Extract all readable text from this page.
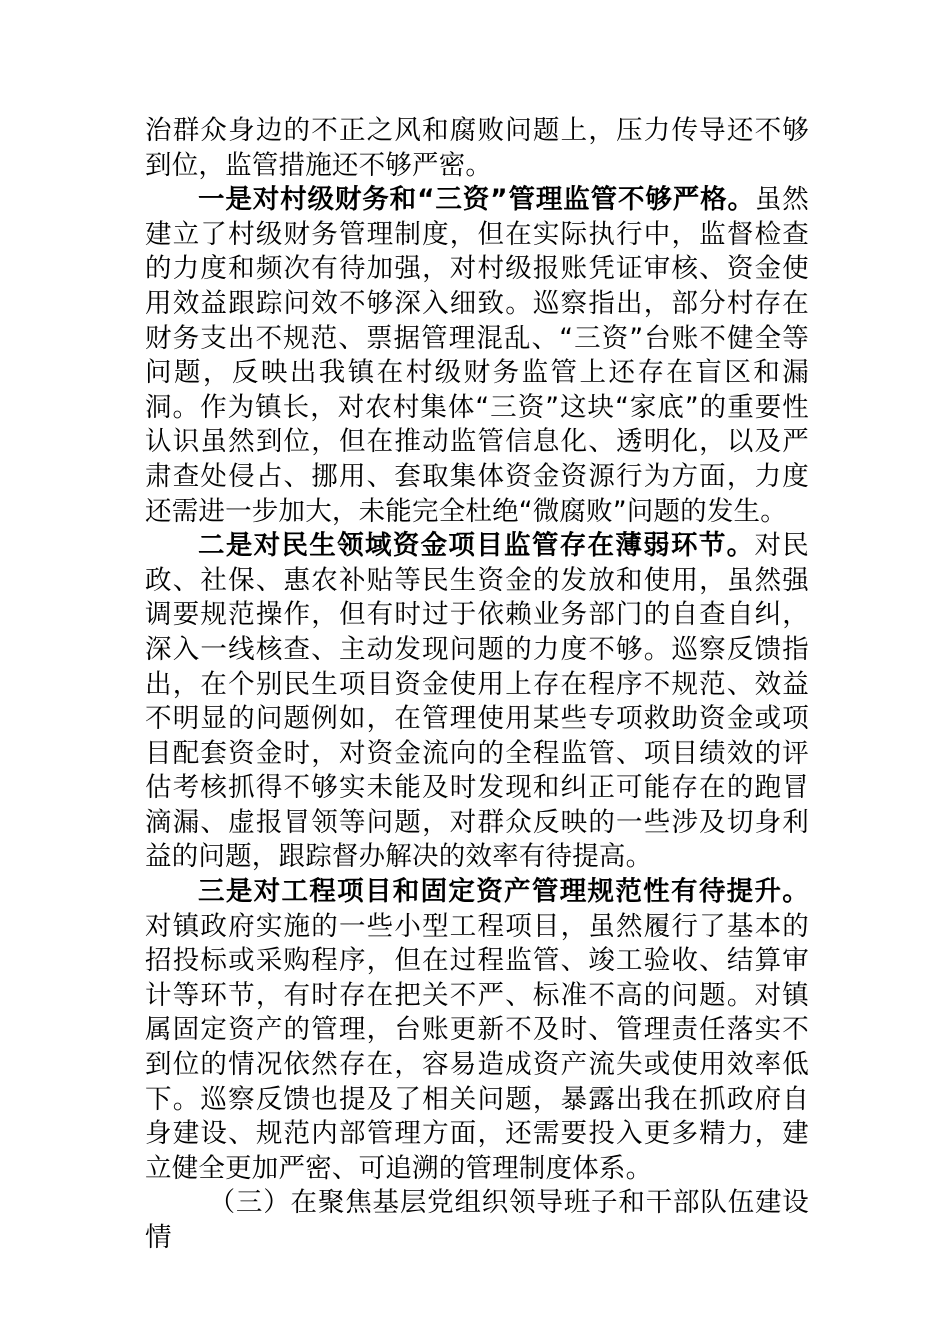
治群众身边的不正之风和腐败问题上，压力传导还不够到位，监管措施还不够严密。

一是对村级财务和“三资”管理监管不够严格。虽然建立了村级财务管理制度，但在实际执行中，监督检查的力度和频次有待加强，对村级报账凭证审核、资金使用效益跟踪问效不够深入细致。巡察指出，部分村存在财务支出不规范、票据管理混乱、“三资”台账不健全等问题，反映出我镇在村级财务监管上还存在盲区和漏洞。作为镇长，对农村集体“三资”这块“家底”的重要性认识虽然到位，但在推动监管信息化、透明化，以及严肃查处侵占、挪用、套取集体资金资源行为方面，力度还需进一步加大，未能完全杜绝“微腐败”问题的发生。

二是对民生领域资金项目监管存在薄弱环节。对民政、社保、惠农补贴等民生资金的发放和使用，虽然强调要规范操作，但有时过于依赖业务部门的自查自纠，深入一线核查、主动发现问题的力度不够。巡察反馈指出，在个别民生项目资金使用上存在程序不规范、效益不明显的问题例如，在管理使用某些专项救助资金或项目配套资金时，对资金流向的全程监管、项目绩效的评估考核抓得不够实未能及时发现和纠正可能存在的跑冒滴漏、虚报冒领等问题，对群众反映的一些涉及切身利益的问题，跟踪督办解决的效率有待提高。

三是对工程项目和固定资产管理规范性有待提升。对镇政府实施的一些小型工程项目，虽然履行了基本的招投标或采购程序，但在过程监管、竣工验收、结算审计等环节，有时存在把关不严、标准不高的问题。对镇属固定资产的管理，台账更新不及时、管理责任落实不到位的情况依然存在，容易造成资产流失或使用效率低下。巡察反馈也提及了相关问题，暴露出我在抓政府自身建设、规范内部管理方面，还需要投入更多精力，建立健全更加严密、可追溯的管理制度体系。

（三）在聚焦基层党组织领导班子和干部队伍建设情
